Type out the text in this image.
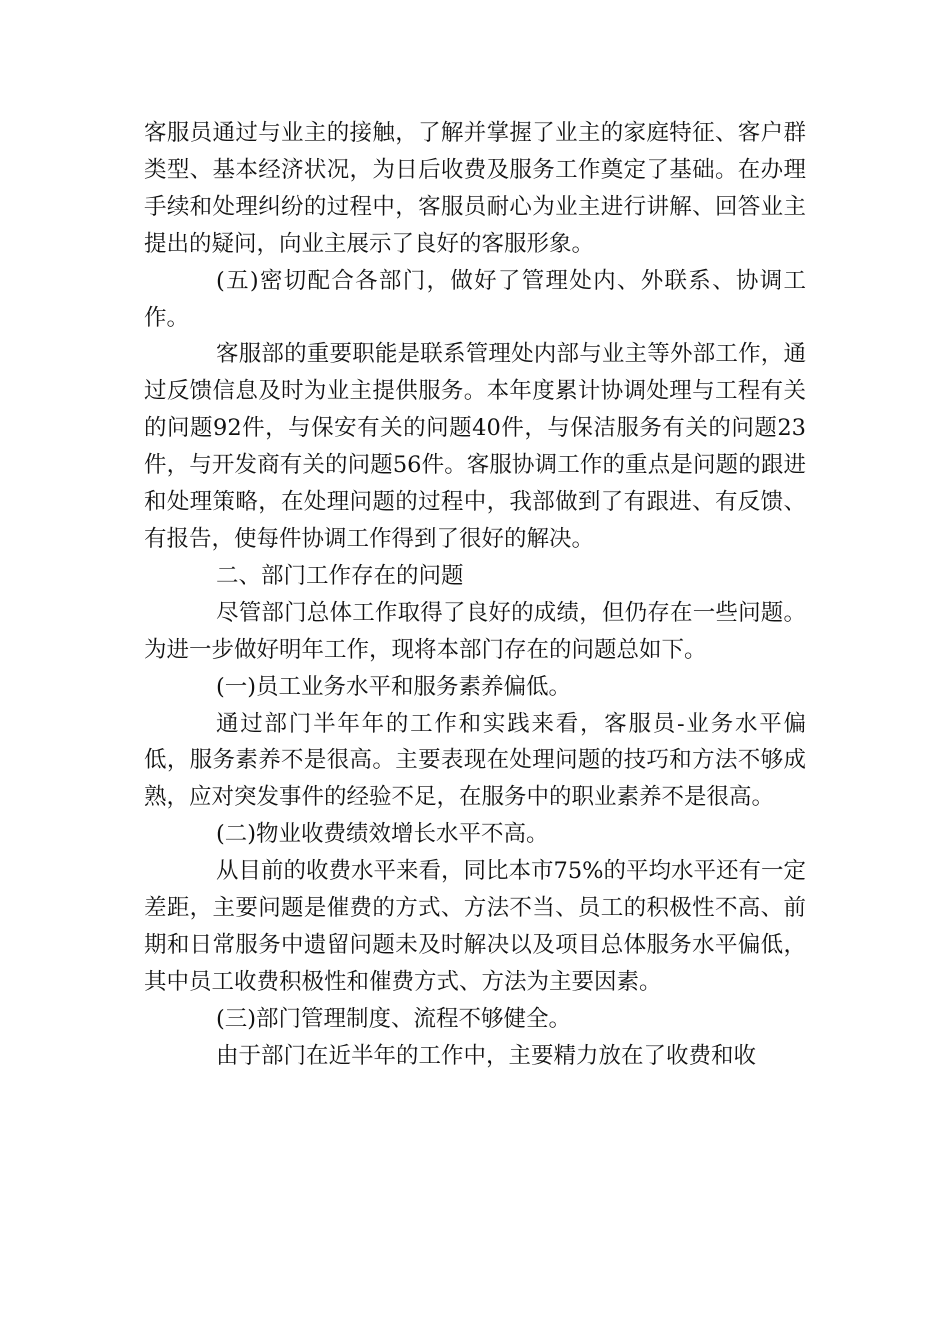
客服员通过与业主的接触，了解并掌握了业主的家庭特征、客户群类型、基本经济状况，为日后收费及服务工作奠定了基础。在办理手续和处理纠纷的过程中，客服员耐心为业主进行讲解、回答业主提出的疑问，向业主展示了良好的客服形象。

(五)密切配合各部门，做好了管理处内、外联系、协调工作。

客服部的重要职能是联系管理处内部与业主等外部工作，通过反馈信息及时为业主提供服务。本年度累计协调处理与工程有关的问题92件，与保安有关的问题40件，与保洁服务有关的问题23件，与开发商有关的问题56件。客服协调工作的重点是问题的跟进和处理策略，在处理问题的过程中，我部做到了有跟进、有反馈、有报告，使每件协调工作得到了很好的解决。

二、部门工作存在的问题

尽管部门总体工作取得了良好的成绩，但仍存在一些问题。为进一步做好明年工作，现将本部门存在的问题总如下。

(一)员工业务水平和服务素养偏低。

通过部门半年年的工作和实践来看，客服员-业务水平偏低，服务素养不是很高。主要表现在处理问题的技巧和方法不够成熟，应对突发事件的经验不足，在服务中的职业素养不是很高。

(二)物业收费绩效增长水平不高。

从目前的收费水平来看，同比本市75%的平均水平还有一定差距，主要问题是催费的方式、方法不当、员工的积极性不高、前期和日常服务中遗留问题未及时解决以及项目总体服务水平偏低，其中员工收费积极性和催费方式、方法为主要因素。

(三)部门管理制度、流程不够健全。

由于部门在近半年的工作中，主要精力放在了收费和收
